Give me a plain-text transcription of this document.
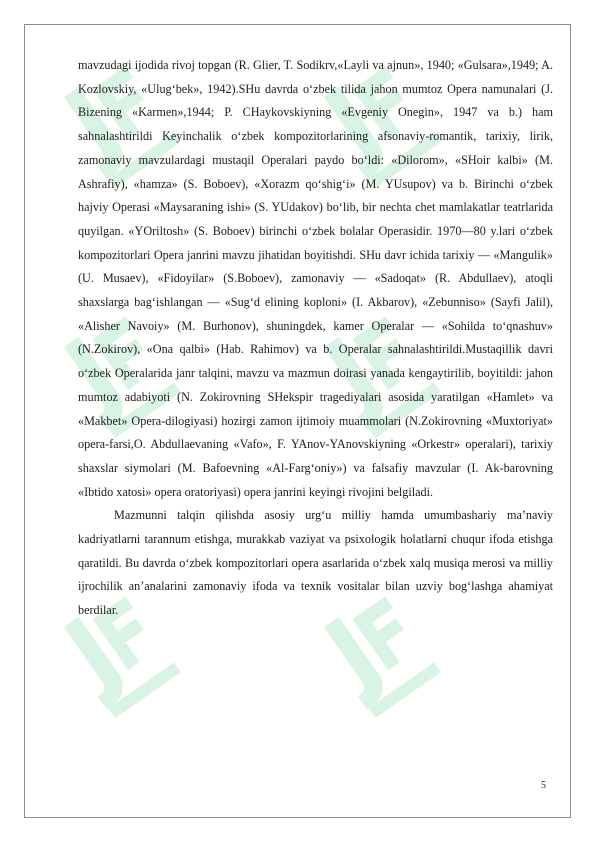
mavzudagi ijodida rivoj topgan (R. Glier, T. Sodikrv,«Layli va ajnun», 1940; «Gulsara»,1949; A. Kozlovskiy, «Ulug‘bek», 1942).SHu davrda o‘zbek tilida jahon mumtoz Opera namunalari (J. Bizening «Karmen»,1944; P. CHaykovskiyning «Evgeniy Onegin», 1947 va b.) ham sahnalashtirildi Keyinchalik o‘zbek kompozitorlarining afsonaviy-romantik, tarixiy, lirik, zamonaviy mavzulardagi mustaqil Operalari paydo bo‘ldi: «Dilorom», «SHoir kalbi» (M. Ashrafiy), «hamza» (S. Boboev), «Xorazm qo‘shig‘i» (M. YUsupov) va b. Birinchi o‘zbek hajviy Operasi «Maysaraning ishi» (S. YUdakov) bo‘lib, bir nechta chet mamlakatlar teatrlarida quyilgan. «YOriltosh» (S. Boboev) birinchi o‘zbek bolalar Operasidir. 1970—80 y.lari o‘zbek kompozitorlari Opera janrini mavzu jihatidan boyitishdi. SHu davr ichida tarixiy — «Mangulik» (U. Musaev), «Fidoyilar» (S.Boboev), zamonaviy — «Sadoqat» (R. Abdullaev), atoqli shaxslarga bag‘ishlangan — «Sug‘d elining koploni» (I. Akbarov), «Zebunniso» (Sayfi Jalil), «Alisher Navoiy» (M. Burhonov), shuningdek, kamer Operalar — «Sohilda to‘qnashuv» (N.Zokirov), «Ona qalbi» (Hab. Rahimov) va b. Operalar sahnalashtirildi.Mustaqillik davri o‘zbek Operalarida janr talqini, mavzu va mazmun doirasi yanada kengaytirilib, boyitildi: jahon mumtoz adabiyoti (N. Zokirovning SHekspir tragediyalari asosida yaratilgan «Hamlet» va «Makbet» Opera-dilogiyasi) hozirgi zamon ijtimoiy muammolari (N.Zokirovning «Muxtoriyat» opera-farsi,O. Abdullaevaning «Vafo», F. YAnov-YAnovskiyning «Orkestr» operalari), tarixiy shaxslar siymolari (M. Bafoevning «Al-Farg‘oniy») va falsafiy mavzular (I. Ak-barovning «Ibtido xatosi» opera oratoriyasi) opera janrini keyingi rivojini belgiladi.

Mazmunni talqin qilishda asosiy urg‘u milliy hamda umumbashariy ma’naviy kadriyatlarni tarannum etishga, murakkab vaziyat va psixologik holatlarni chuqur ifoda etishga qaratildi. Bu davrda o‘zbek kompozitorlari opera asarlarida o‘zbek xalq musiqa merosi va milliy ijrochilik an’analarini zamonaviy ifoda va texnik vositalar bilan uzviy bog‘lashga ahamiyat berdilar.

5
